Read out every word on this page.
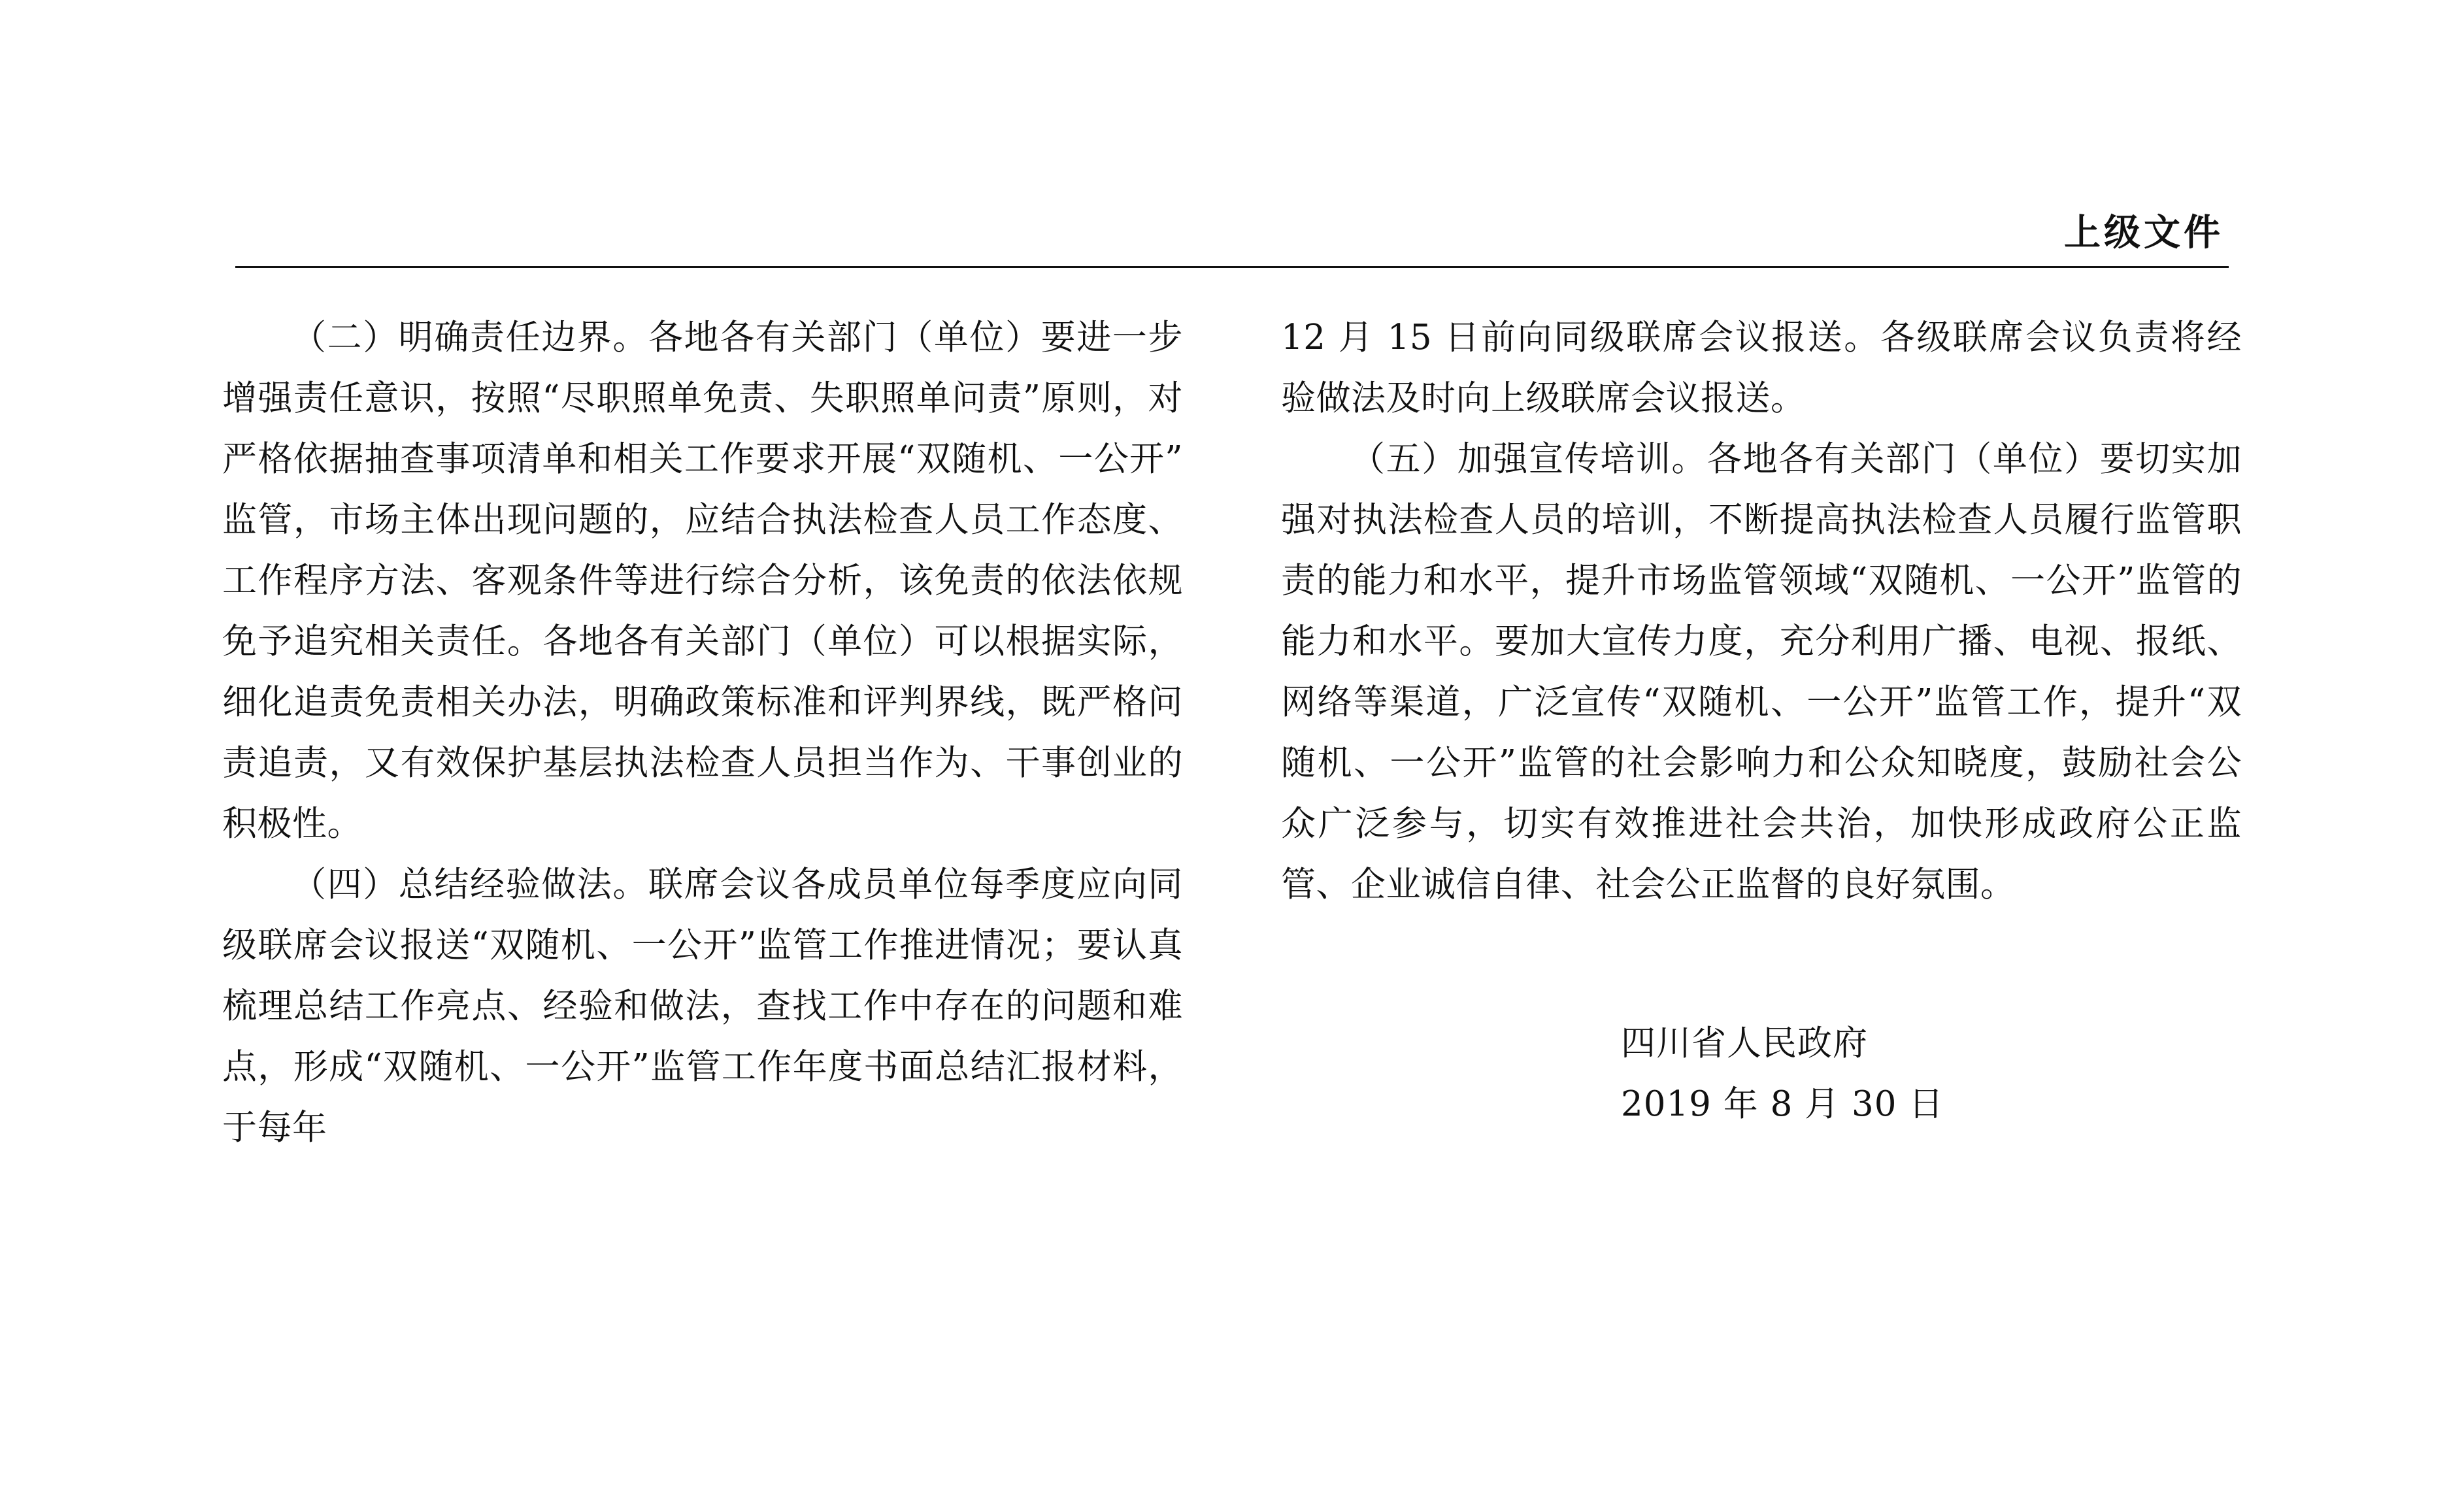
上级文件

（二）明确责任边界。各地各有关部门（单位）要进一步增强责任意识，按照“尽职照单免责、失职照单问责”原则，对严格依据抽查事项清单和相关工作要求开展“双随机、一公开”监管，市场主体出现问题的，应结合执法检查人员工作态度、工作程序方法、客观条件等进行综合分析，该免责的依法依规免予追究相关责任。各地各有关部门（单位）可以根据实际，细化追责免责相关办法，明确政策标准和评判界线，既严格问责追责，又有效保护基层执法检查人员担当作为、干事创业的积极性。

（四）总结经验做法。联席会议各成员单位每季度应向同级联席会议报送“双随机、一公开”监管工作推进情况；要认真梳理总结工作亮点、经验和做法，查找工作中存在的问题和难点，形成“双随机、一公开”监管工作年度书面总结汇报材料，于每年

12 月 15 日前向同级联席会议报送。各级联席会议负责将经验做法及时向上级联席会议报送。

（五）加强宣传培训。各地各有关部门（单位）要切实加强对执法检查人员的培训，不断提高执法检查人员履行监管职责的能力和水平，提升市场监管领域“双随机、一公开”监管的能力和水平。要加大宣传力度，充分利用广播、电视、报纸、网络等渠道，广泛宣传“双随机、一公开”监管工作，提升“双随机、一公开”监管的社会影响力和公众知晓度，鼓励社会公众广泛参与，切实有效推进社会共治，加快形成政府公正监管、企业诚信自律、社会公正监督的良好氛围。

四川省人民政府
2019 年 8 月 30 日
